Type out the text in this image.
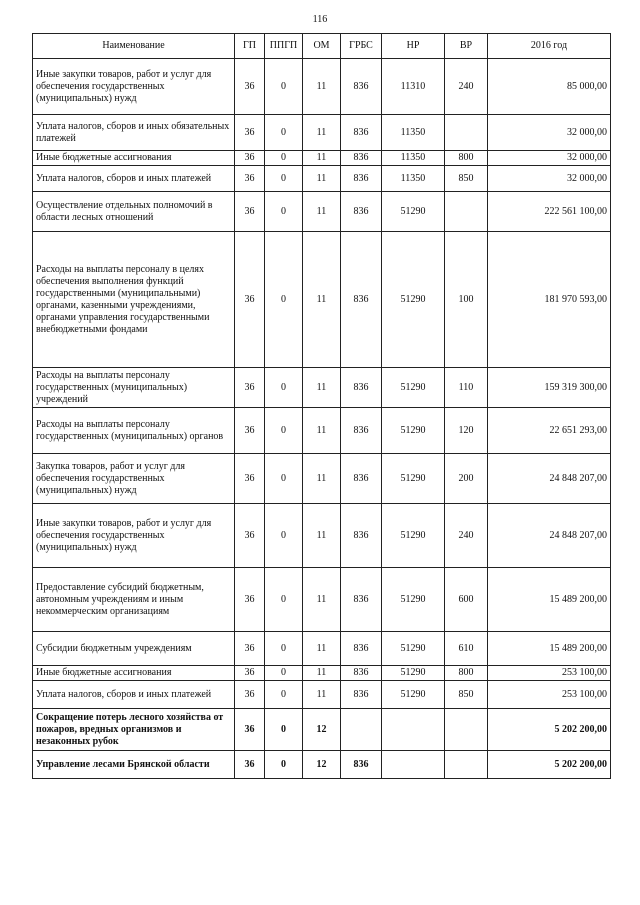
116
Наименование	ГП	ППГП	ОМ	ГРБС	НР	ВР	2016 год
Иные закупки товаров, работ и услуг для обеспечения государственных (муниципальных) нужд	36	0	11	836	11310	240	85 000,00
Уплата налогов, сборов и иных обязательных платежей	36	0	11	836	11350		32 000,00
Иные бюджетные ассигнования	36	0	11	836	11350	800	32 000,00
Уплата налогов, сборов и иных платежей	36	0	11	836	11350	850	32 000,00
Осуществление отдельных полномочий в области лесных отношений	36	0	11	836	51290		222 561 100,00
Расходы на выплаты персоналу в целях обеспечения выполнения функций государственными (муниципальными) органами, казенными учреждениями, органами управления государственными внебюджетными фондами	36	0	11	836	51290	100	181 970 593,00
Расходы на выплаты персоналу государственных (муниципальных) учреждений	36	0	11	836	51290	110	159 319 300,00
Расходы на выплаты персоналу государственных (муниципальных) органов	36	0	11	836	51290	120	22 651 293,00
Закупка товаров, работ и услуг для обеспечения государственных (муниципальных) нужд	36	0	11	836	51290	200	24 848 207,00
Иные закупки товаров, работ и услуг для обеспечения государственных (муниципальных) нужд	36	0	11	836	51290	240	24 848 207,00
Предоставление субсидий бюджетным, автономным учреждениям и иным некоммерческим организациям	36	0	11	836	51290	600	15 489 200,00
Субсидии бюджетным учреждениям	36	0	11	836	51290	610	15 489 200,00
Иные бюджетные ассигнования	36	0	11	836	51290	800	253 100,00
Уплата налогов, сборов и иных платежей	36	0	11	836	51290	850	253 100,00
Сокращение потерь лесного хозяйства от пожаров, вредных организмов и незаконных рубок	36	0	12				5 202 200,00
Управление лесами Брянской области	36	0	12	836			5 202 200,00
